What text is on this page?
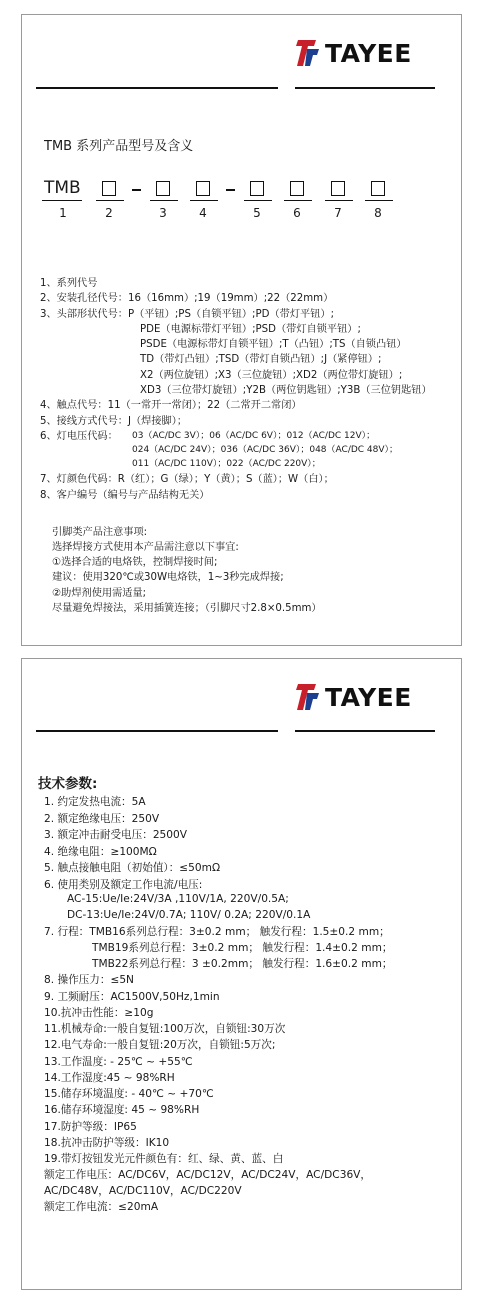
TAYEE
TMB 系列产品型号及含义
TMB
1	2	3	4	5	6	7	8
1、系列代号
2、安装孔径代号：16（16mm）;19（19mm）;22（22mm）
3、头部形状代号：P（平钮）;PS（自锁平钮）;PD（带灯平钮）;
PDE（电源标带灯平钮）;PSD（带灯自锁平钮）;
PSDE（电源标带灯自锁平钮）;T（凸钮）;TS（自锁凸钮）
TD（带灯凸钮）;TSD（带灯自锁凸钮）;J（紧停钮）;
X2（两位旋钮）;X3（三位旋钮）;XD2（两位带灯旋钮）;
XD3（三位带灯旋钮）;Y2B（两位钥匙钮）;Y3B（三位钥匙钮）
4、触点代号：11（一常开一常闭）；22（二常开二常闭）
5、接线方式代号：J（焊接脚）；
6、灯电压代码： 03（AC/DC 3V）；06（AC/DC 6V）；012（AC/DC 12V）；
024（AC/DC 24V）；036（AC/DC 36V）；048（AC/DC 48V）；
011（AC/DC 110V）；022（AC/DC 220V）；
7、灯颜色代码：R（红）；G（绿）；Y（黄）；S（蓝）；W（白）；
8、客户编号（编号与产品结构无关）
引脚类产品注意事项:
选择焊接方式使用本产品需注意以下事宜:
①选择合适的电烙铁，控制焊接时间;
建议：使用320℃或30W电烙铁，1~3秒完成焊接;
②助焊剂使用需适量;
尽量避免焊接法，采用插簧连接；（引脚尺寸2.8×0.5mm）
TAYEE
技术参数:
1. 约定发热电流：5A
2. 额定绝缘电压：250V
3. 额定冲击耐受电压：2500V
4. 绝缘电阻：≥100MΩ
5. 触点接触电阻（初始值）：≤50mΩ
6. 使用类别及额定工作电流/电压:
AC-15:Ue/Ie:24V/3A ,110V/1A, 220V/0.5A;
DC-13:Ue/Ie:24V/0.7A; 110V/ 0.2A; 220V/0.1A
7. 行程：TMB16系列总行程：3±0.2 mm； 触发行程：1.5±0.2 mm；
TMB19系列总行程：3±0.2 mm； 触发行程：1.4±0.2 mm；
TMB22系列总行程：3 ±0.2mm； 触发行程：1.6±0.2 mm；
8. 操作压力：≤5N
9. 工频耐压：AC1500V,50Hz,1min
10.抗冲击性能：≥10g
11.机械寿命:一般自复钮:100万次，自锁钮:30万次
12.电气寿命:一般自复钮:20万次，自锁钮:5万次;
13.工作温度: - 25℃ ~ +55℃
14.工作湿度:45 ~ 98%RH
15.储存环境温度: - 40℃ ~ +70℃
16.储存环境湿度: 45 ~ 98%RH
17.防护等级：IP65
18.抗冲击防护等级：IK10
19.带灯按钮发光元件颜色有：红、绿、黄、蓝、白
额定工作电压：AC/DC6V，AC/DC12V，AC/DC24V，AC/DC36V，
AC/DC48V，AC/DC110V，AC/DC220V
额定工作电流：≤20mA
